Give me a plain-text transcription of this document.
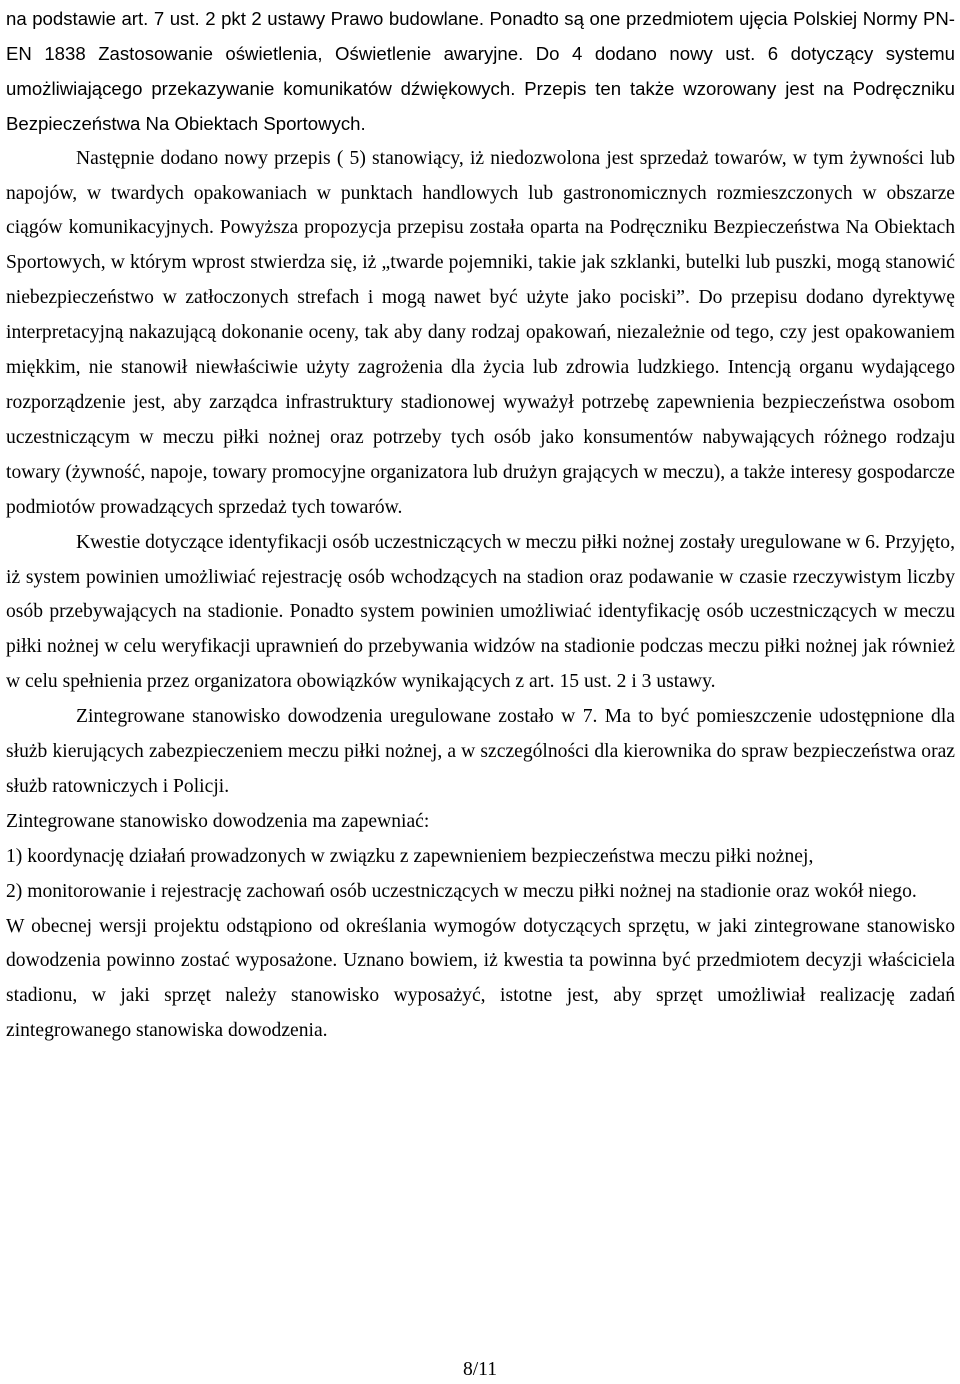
na podstawie art. 7 ust. 2 pkt 2 ustawy Prawo budowlane. Ponadto są one przedmiotem ujęcia Polskiej Normy PN-EN 1838 Zastosowanie oświetlenia, Oświetlenie awaryjne. Do 4 dodano nowy ust. 6 dotyczący systemu umożliwiającego przekazywanie komunikatów dźwiękowych. Przepis ten także wzorowany jest na Podręczniku Bezpieczeństwa Na Obiektach Sportowych.

Następnie dodano nowy przepis ( 5) stanowiący, iż niedozwolona jest sprzedaż towarów, w tym żywności lub napojów, w twardych opakowaniach w punktach handlowych lub gastronomicznych rozmieszczonych w obszarze ciągów komunikacyjnych. Powyższa propozycja przepisu została oparta na Podręczniku Bezpieczeństwa Na Obiektach Sportowych, w którym wprost stwierdza się, iż „twarde pojemniki, takie jak szklanki, butelki lub puszki, mogą stanowić niebezpieczeństwo w zatłoczonych strefach i mogą nawet być użyte jako pociski”. Do przepisu dodano dyrektywę interpretacyjną nakazującą dokonanie oceny, tak aby dany rodzaj opakowań, niezależnie od tego, czy jest opakowaniem miękkim, nie stanowił niewłaściwie użyty zagrożenia dla życia lub zdrowia ludzkiego. Intencją organu wydającego rozporządzenie jest, aby zarządca infrastruktury stadionowej wyważył potrzebę zapewnienia bezpieczeństwa osobom uczestniczącym w meczu piłki nożnej oraz potrzeby tych osób jako konsumentów nabywających różnego rodzaju towary (żywność, napoje, towary promocyjne organizatora lub drużyn grających w meczu), a także interesy gospodarcze podmiotów prowadzących sprzedaż tych towarów.

Kwestie dotyczące identyfikacji osób uczestniczących w meczu piłki nożnej zostały uregulowane w 6. Przyjęto, iż system powinien umożliwiać rejestrację osób wchodzących na stadion oraz podawanie w czasie rzeczywistym liczby osób przebywających na stadionie. Ponadto system powinien umożliwiać identyfikację osób uczestniczących w meczu piłki nożnej w celu weryfikacji uprawnień do przebywania widzów na stadionie podczas meczu piłki nożnej jak również w celu spełnienia przez organizatora obowiązków wynikających z art. 15 ust. 2 i 3 ustawy.

Zintegrowane stanowisko dowodzenia uregulowane zostało w 7. Ma to być pomieszczenie udostępnione dla służb kierujących zabezpieczeniem meczu piłki nożnej, a w szczególności dla kierownika do spraw bezpieczeństwa oraz służb ratowniczych i Policji.

Zintegrowane stanowisko dowodzenia ma zapewniać:

1) koordynację działań prowadzonych w związku z zapewnieniem bezpieczeństwa meczu piłki nożnej,

2) monitorowanie i rejestrację zachowań osób uczestniczących w meczu piłki nożnej na stadionie oraz wokół niego.

W obecnej wersji projektu odstąpiono od określania wymogów dotyczących sprzętu, w jaki zintegrowane stanowisko dowodzenia powinno zostać wyposażone. Uznano bowiem, iż kwestia ta powinna być przedmiotem decyzji właściciela stadionu, w jaki sprzęt należy stanowisko wyposażyć, istotne jest, aby sprzęt umożliwiał realizację zadań zintegrowanego stanowiska dowodzenia.

8/11
